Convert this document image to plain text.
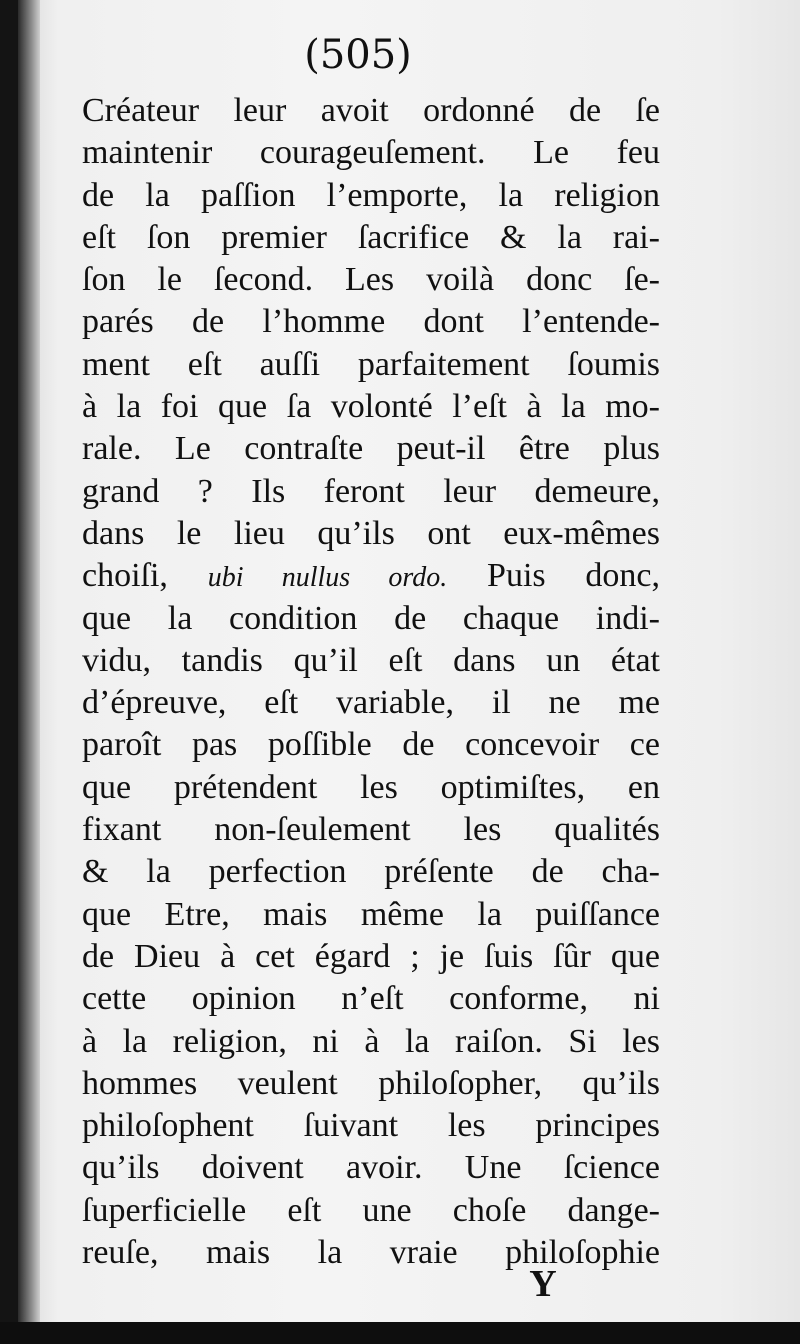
(505)

Créateur leur avoit ordonné de ſe
maintenir courageuſement. Le feu
de la paſſion l’emporte, la religion
eſt ſon premier ſacrifice & la rai-
ſon le ſecond. Les voilà donc ſe-
parés de l’homme dont l’entende-
ment eſt auſſi parfaitement ſoumis
à la foi que ſa volonté l’eſt à la mo-
rale. Le contraſte peut-il être plus
grand ? Ils feront leur demeure,
dans le lieu qu’ils ont eux-mêmes
choiſi, ubi nullus ordo. Puis donc,
que la condition de chaque indi-
vidu, tandis qu’il eſt dans un état
d’épreuve, eſt variable, il ne me
paroît pas poſſible de concevoir ce
que prétendent les optimiſtes, en
fixant non-ſeulement les qualités
& la perfection préſente de cha-
que Etre, mais même la puiſſance
de Dieu à cet égard ; je ſuis ſûr que
cette opinion n’eſt conforme, ni
à la religion, ni à la raiſon. Si les
hommes veulent philoſopher, qu’ils
philoſophent ſuivant les principes
qu’ils doivent avoir. Une ſcience
ſuperficielle eſt une choſe dange-
reuſe, mais la vraie philoſophie
Y
